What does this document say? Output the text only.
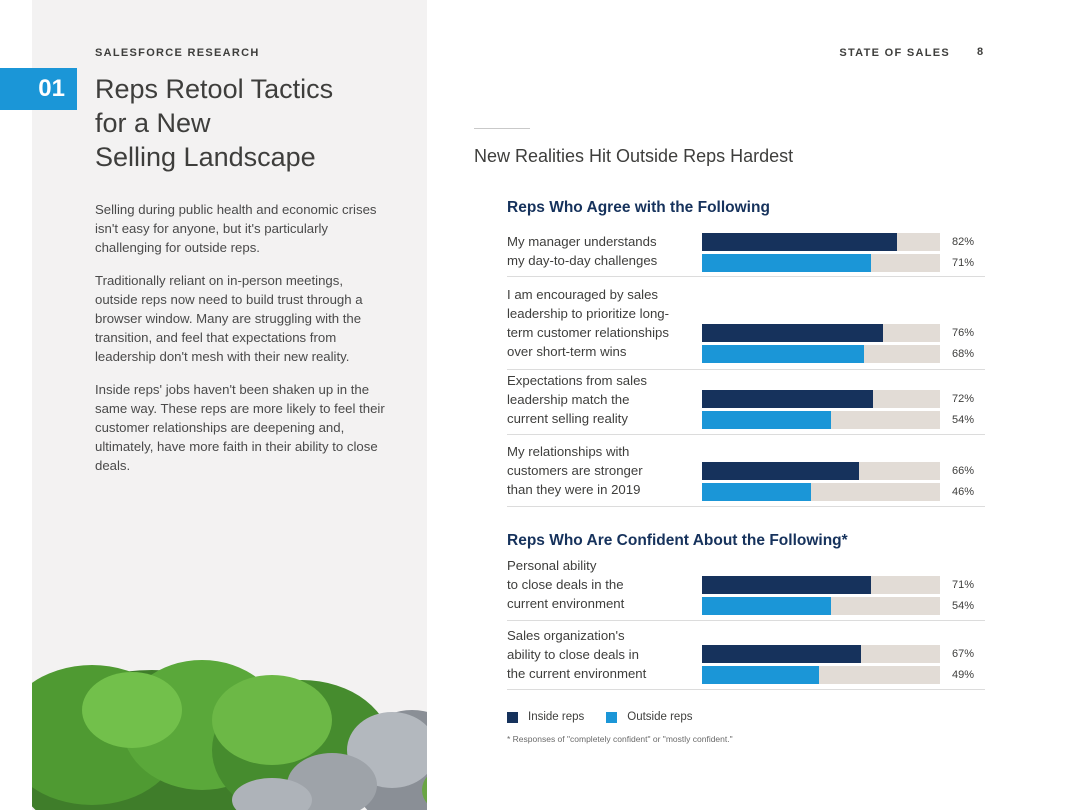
SALESFORCE RESEARCH
01	Reps Retool Tactics
for a New
Selling Landscape

Selling during public health and economic crises isn't easy for anyone, but it's particularly challenging for outside reps.

Traditionally reliant on in-person meetings, outside reps now need to build trust through a browser window. Many are struggling with the transition, and feel that expectations from leadership don't mesh with their new reality.

Inside reps' jobs haven't been shaken up in the same way. These reps are more likely to feel their customer relationships are deepening and, ultimately, have more faith in their ability to close deals.

STATE OF SALES 8
New Realities Hit Outside Reps Hardest
Reps Who Agree with the Following
My manager understands
my day-to-day challenges
82%
71%
I am encouraged by sales
leadership to prioritize long-
term customer relationships
over short-term wins
76%
68%
Expectations from sales
leadership match the
current selling reality
72%
54%
My relationships with
customers are stronger
than they were in 2019
66%
46%
Reps Who Are Confident About the Following*
Personal ability
to close deals in the
current environment
71%
54%
Sales organization's
ability to close deals in
the current environment
67%
49%
Inside reps	Outside reps
* Responses of "completely confident" or "mostly confident."
